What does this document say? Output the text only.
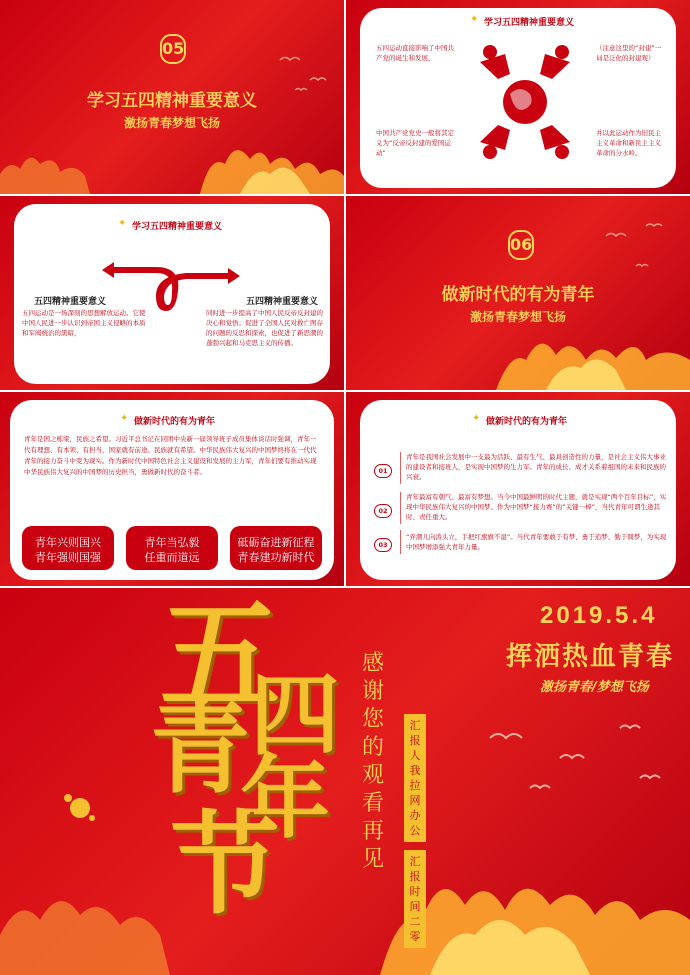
05
学习五四精神重要意义
激扬青春梦想飞扬
✦ 学习五四精神重要意义
五四运动直接影响了中国共产党的诞生和发展，
（注意这里的“封建”一词是泛化的封建观）
中国共产党党史一般将其定义为“反帝反封建的爱国运动”
并以此运动作为旧民主主义革命和新民主主义革命的分水岭。
✦ 学习五四精神重要意义
五四精神重要意义
五四运动是一场深刻的思想解放运动。它使中国人民进一步认识到帝国主义侵略的本质和军阀统治的黑暗，
五四精神重要意义
同时进一步提高了中国人民反帝反封建的决心和觉悟；促进了全国人民对救亡图存的问题的反思和探索，也促进了新思潮的蓬勃兴起和马克思主义的传播。
06
做新时代的有为青年
激扬青春梦想飞扬
✦ 做新时代的有为青年
青年是国之栋梁，民族之希望。习近平总书记在同团中央新一届领导班子成员集体谈话时强调，青年一代有理想、有本领、有担当，国家就有前途、民族就有希望。中华民族伟大复兴的中国梦终将在一代代青年的接力奋斗中变为现实。作为新时代中国特色社会主义建设和发展的主力军，青年们要有推动实现中华民族伟大复兴的中国梦的历史担当，勇做新时代的奋斗者。
青年兴则国兴
青年强则国强
青年当弘毅
任重而道远
砥砺奋进新征程
青春建功新时代
✦ 做新时代的有为青年
01
青年是我国社会发展中一支最为活跃、最有生气、最具创造性的力量，是社会主义伟大事业的建设者和接班人，是实现中国梦的生力军。青年的成长、成才关系着祖国的未来和民族的兴衰。
02
青年最富有朝气、最富有梦想。当今中国最鲜明的时代主题，就是实现“两个百年目标”，实现中华民族伟大复兴的中国梦。作为中国梦“接力赛”的“关键一棒”，当代青年可谓生逢其时、责任重大。
03
“弄潮儿向涛头立，手把红旗旗不湿”。当代青年要敢于有梦、勇于追梦、勤于圆梦，为实现中国梦增添强大青年力量。
五
四
青
年
节
感谢您的观看再见
汇报人我拉网办公
汇报时间二零
2019.5.4
挥洒热血青春
激扬青春/梦想飞扬
